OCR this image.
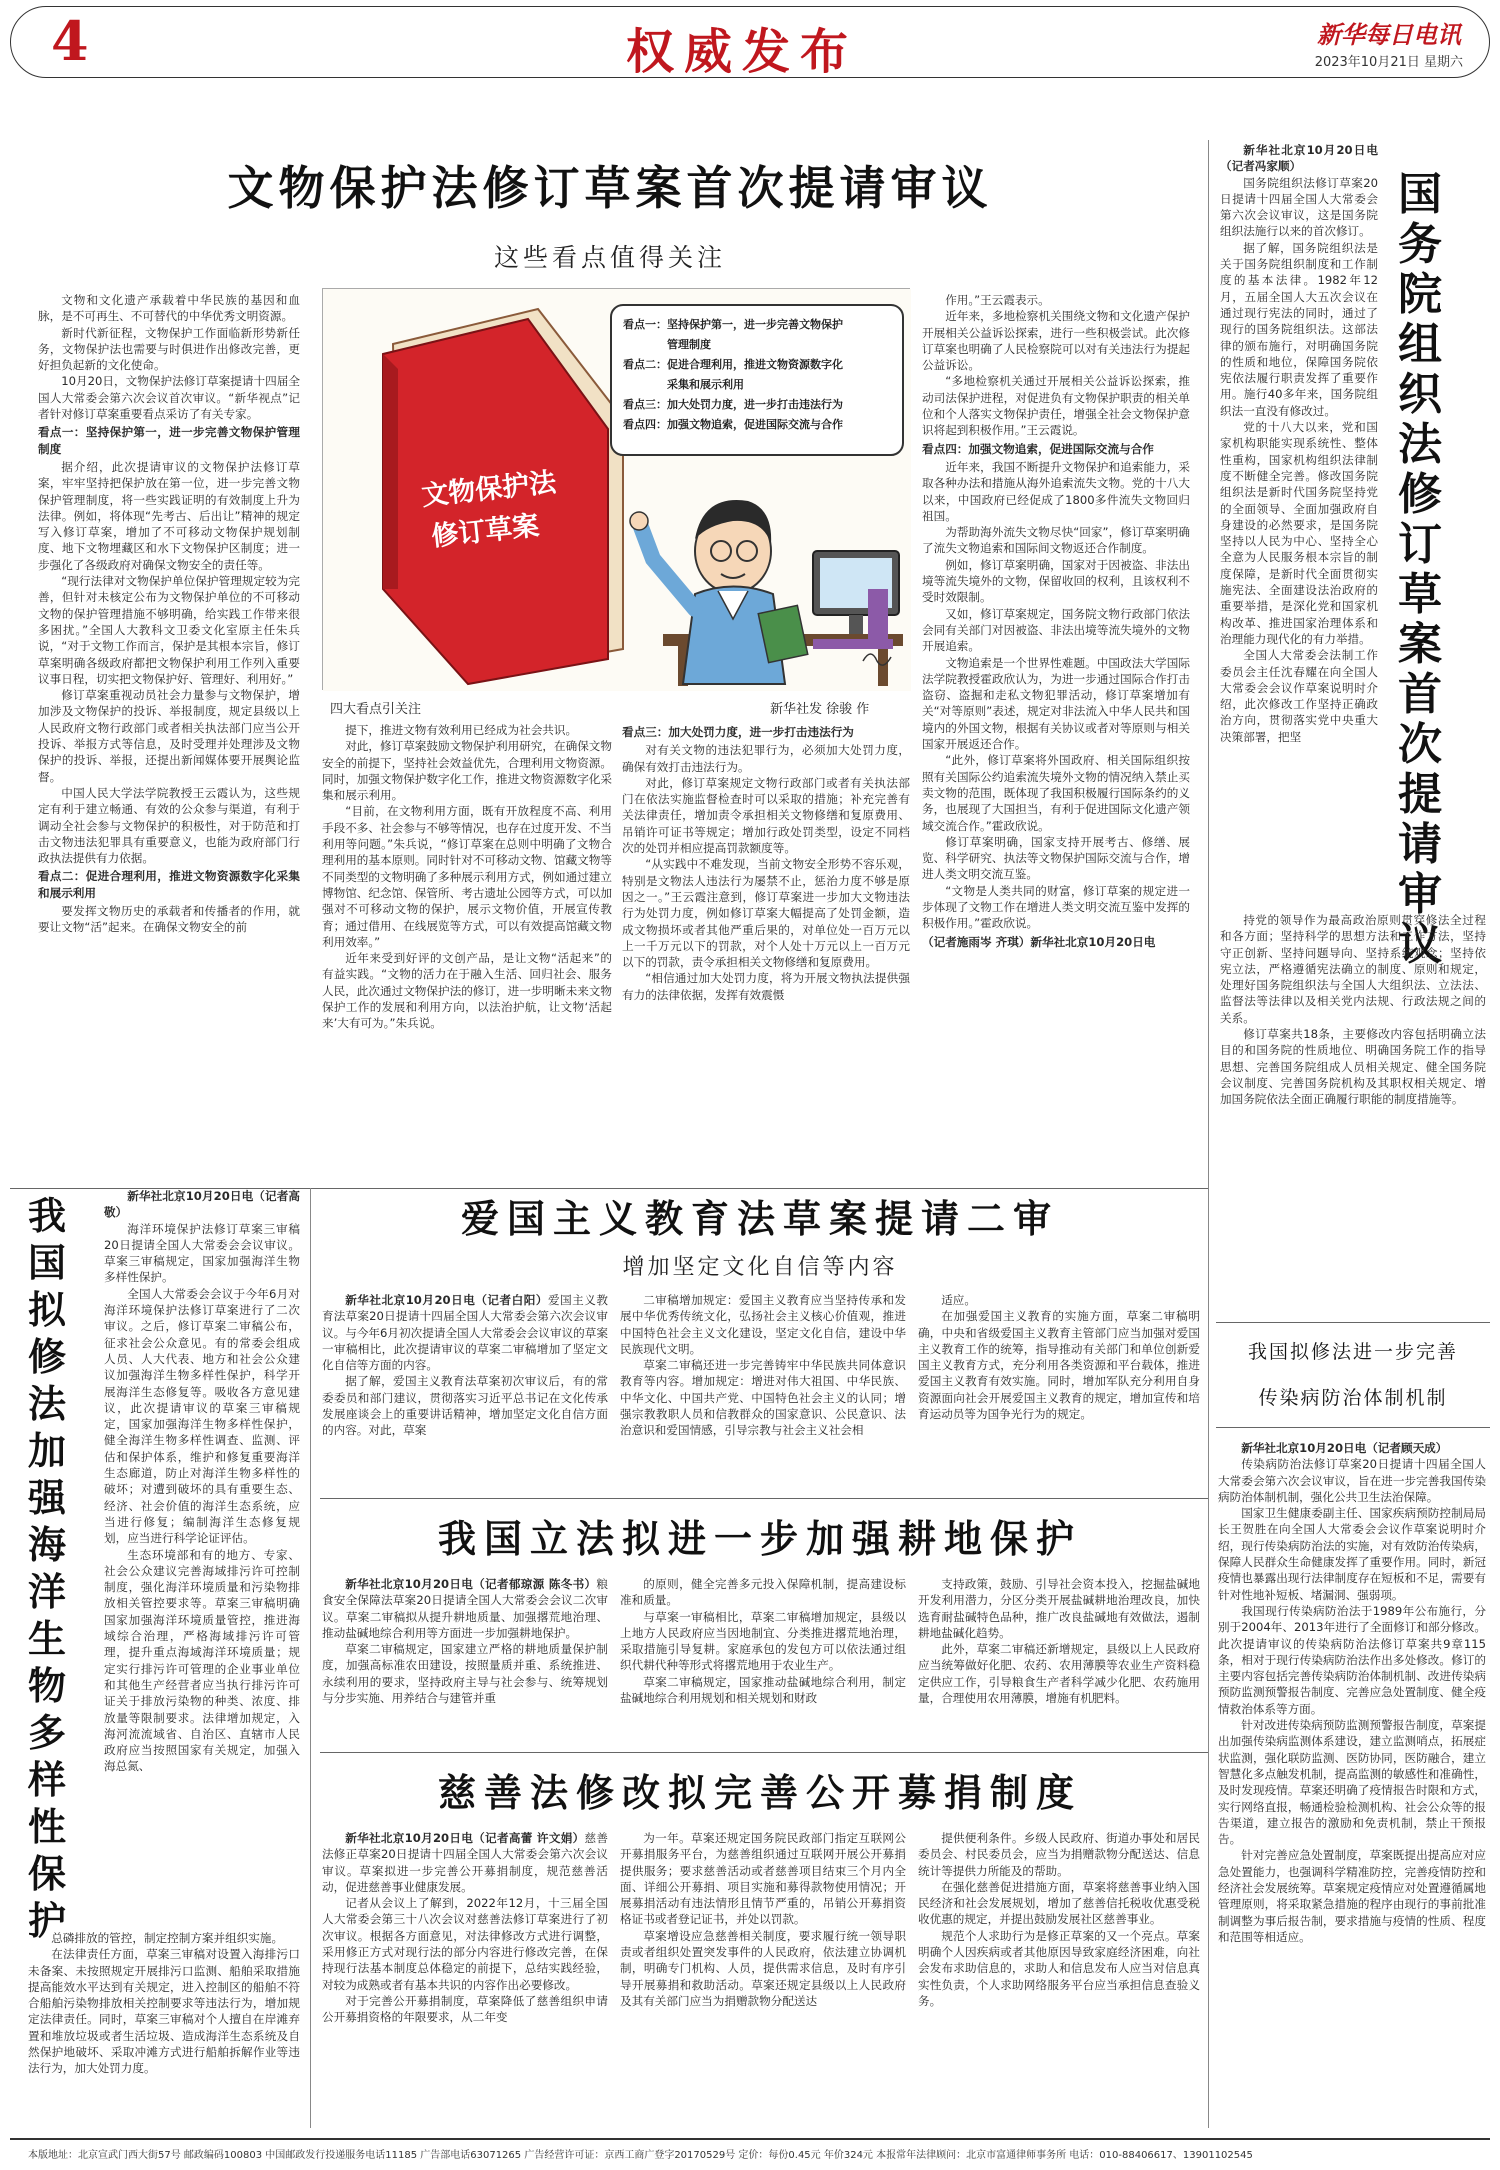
4	权威发布	新华每日电讯
2023年10月21日 星期六
文物保护法修订草案首次提请审议
这些看点值得关注

文物和文化遗产承载着中华民族的基因和血脉，是不可再生、不可替代的中华优秀文明资源。

新时代新征程，文物保护工作面临新形势新任务，文物保护法也需要与时俱进作出修改完善，更好担负起新的文化使命。

10月20日，文物保护法修订草案提请十四届全国人大常委会第六次会议首次审议。“新华视点”记者针对修订草案重要看点采访了有关专家。

看点一：坚持保护第一，进一步完善文物保护管理制度

据介绍，此次提请审议的文物保护法修订草案，牢牢坚持把保护放在第一位，进一步完善文物保护管理制度，将一些实践证明的有效制度上升为法律。例如，将体现“先考古、后出让”精神的规定写入修订草案，增加了不可移动文物保护规划制度、地下文物埋藏区和水下文物保护区制度；进一步强化了各级政府对确保文物安全的责任等。

“现行法律对文物保护单位保护管理规定较为完善，但针对未核定公布为文物保护单位的不可移动文物的保护管理措施不够明确，给实践工作带来很多困扰。”全国人大教科文卫委文化室原主任朱兵说，“对于文物工作而言，保护是其根本宗旨，修订草案明确各级政府都把文物保护利用工作列入重要议事日程，切实把文物保护好、管理好、利用好。”

修订草案重视动员社会力量参与文物保护，增加涉及文物保护的投诉、举报制度，规定县级以上人民政府文物行政部门或者相关执法部门应当公开投诉、举报方式等信息，及时受理并处理涉及文物保护的投诉、举报，还提出新闻媒体要开展舆论监督。

中国人民大学法学院教授王云霞认为，这些规定有利于建立畅通、有效的公众参与渠道，有利于调动全社会参与文物保护的积极性，对于防范和打击文物违法犯罪具有重要意义，也能为政府部门行政执法提供有力依据。

看点二：促进合理利用，推进文物资源数字化采集和展示利用

要发挥文物历史的承载者和传播者的作用，就要让文物“活”起来。在确保文物安全的前

文物保护法
修订草案
看点一：坚持保护第一，进一步完善文物保护
管理制度
看点二：促进合理利用，推进文物资源数字化
采集和展示利用
看点三：加大处罚力度，进一步打击违法行为
看点四：加强文物追索，促进国际交流与合作
四大看点引关注	新华社发 徐骏 作

提下，推进文物有效利用已经成为社会共识。

对此，修订草案鼓励文物保护利用研究，在确保文物安全的前提下，坚持社会效益优先，合理利用文物资源。同时，加强文物保护数字化工作，推进文物资源数字化采集和展示利用。

“目前，在文物利用方面，既有开放程度不高、利用手段不多、社会参与不够等情况，也存在过度开发、不当利用等问题。”朱兵说，“修订草案在总则中明确了文物合理利用的基本原则。同时针对不可移动文物、馆藏文物等不同类型的文物明确了多种展示利用方式，例如通过建立博物馆、纪念馆、保管所、考古遗址公园等方式，可以加强对不可移动文物的保护，展示文物价值，开展宣传教育；通过借用、在线展览等方式，可以有效提高馆藏文物利用效率。”

近年来受到好评的文创产品，是让文物“活起来”的有益实践。“文物的活力在于融入生活、回归社会、服务人民，此次通过文物保护法的修订，进一步明晰未来文物保护工作的发展和利用方向，以法治护航，让文物‘活起来’大有可为。”朱兵说。

看点三：加大处罚力度，进一步打击违法行为

对有关文物的违法犯罪行为，必须加大处罚力度，确保有效打击违法行为。

对此，修订草案规定文物行政部门或者有关执法部门在依法实施监督检查时可以采取的措施；补充完善有关法律责任，增加责令承担相关文物修缮和复原费用、吊销许可证书等规定；增加行政处罚类型，设定不同档次的处罚并相应提高罚款额度等。

“从实践中不难发现，当前文物安全形势不容乐观，特别是文物法人违法行为屡禁不止，惩治力度不够是原因之一。”王云霞注意到，修订草案进一步加大文物违法行为处罚力度，例如修订草案大幅提高了处罚金额，造成文物损坏或者其他严重后果的，对单位处一百万元以上一千万元以下的罚款，对个人处十万元以上一百万元以下的罚款，责令承担相关文物修缮和复原费用。

“相信通过加大处罚力度，将为开展文物执法提供强有力的法律依据，发挥有效震慑

作用。”王云霞表示。

近年来，多地检察机关围绕文物和文化遗产保护开展相关公益诉讼探索，进行一些积极尝试。此次修订草案也明确了人民检察院可以对有关违法行为提起公益诉讼。

“多地检察机关通过开展相关公益诉讼探索，推动司法保护进程，对促进负有文物保护职责的相关单位和个人落实文物保护责任，增强全社会文物保护意识将起到积极作用。”王云霞说。

看点四：加强文物追索，促进国际交流与合作

近年来，我国不断提升文物保护和追索能力，采取各种办法和措施从海外追索流失文物。党的十八大以来，中国政府已经促成了1800多件流失文物回归祖国。

为帮助海外流失文物尽快“回家”，修订草案明确了流失文物追索和国际间文物返还合作制度。

例如，修订草案明确，国家对于因被盗、非法出境等流失境外的文物，保留收回的权利，且该权利不受时效限制。

又如，修订草案规定，国务院文物行政部门依法会同有关部门对因被盗、非法出境等流失境外的文物开展追索。

文物追索是一个世界性难题。中国政法大学国际法学院教授霍政欣认为，为进一步通过国际合作打击盗窃、盗掘和走私文物犯罪活动，修订草案增加有关“对等原则”表述，规定对非法流入中华人民共和国境内的外国文物，根据有关协议或者对等原则与相关国家开展返还合作。

“此外，修订草案将外国政府、相关国际组织按照有关国际公约追索流失境外文物的情况纳入禁止买卖文物的范围，既体现了我国积极履行国际条约的义务，也展现了大国担当，有利于促进国际文化遗产领域交流合作。”霍政欣说。

修订草案明确，国家支持开展考古、修缮、展览、科学研究、执法等文物保护国际交流与合作，增进人类文明交流互鉴。

“文物是人类共同的财富，修订草案的规定进一步体现了文物工作在增进人类文明交流互鉴中发挥的积极作用。”霍政欣说。

（记者施雨岑 齐琪）新华社北京10月20日电

国务院组织法修订草案首次提请审议

新华社北京10月20日电（记者冯家顺）

国务院组织法修订草案20日提请十四届全国人大常委会第六次会议审议，这是国务院组织法施行以来的首次修订。

据了解，国务院组织法是关于国务院组织制度和工作制度的基本法律。1982年12月，五届全国人大五次会议在通过现行宪法的同时，通过了现行的国务院组织法。这部法律的颁布施行，对明确国务院的性质和地位，保障国务院依宪依法履行职责发挥了重要作用。施行40多年来，国务院组织法一直没有修改过。

党的十八大以来，党和国家机构职能实现系统性、整体性重构，国家机构组织法律制度不断健全完善。修改国务院组织法是新时代国务院坚持党的全面领导、全面加强政府自身建设的必然要求，是国务院坚持以人民为中心、坚持全心全意为人民服务根本宗旨的制度保障，是新时代全面贯彻实施宪法、全面建设法治政府的重要举措，是深化党和国家机构改革、推进国家治理体系和治理能力现代化的有力举措。

全国人大常委会法制工作委员会主任沈春耀在向全国人大常委会会议作草案说明时介绍，此次修改工作坚持正确政治方向，贯彻落实党中央重大决策部署，把坚

持党的领导作为最高政治原则贯穿修法全过程和各方面；坚持科学的思想方法和工作方法，坚持守正创新、坚持问题导向、坚持系统观念；坚持依宪立法，严格遵循宪法确立的制度、原则和规定，处理好国务院组织法与全国人大组织法、立法法、监督法等法律以及相关党内法规、行政法规之间的关系。

修订草案共18条，主要修改内容包括明确立法目的和国务院的性质地位、明确国务院工作的指导思想、完善国务院组成人员相关规定、健全国务院会议制度、完善国务院机构及其职权相关规定、增加国务院依法全面正确履行职能的制度措施等。

我国拟修法加强海洋生物多样性保护

新华社北京10月20日电（记者高敬）

海洋环境保护法修订草案三审稿20日提请全国人大常委会会议审议。草案三审稿规定，国家加强海洋生物多样性保护。

全国人大常委会会议于今年6月对海洋环境保护法修订草案进行了二次审议。之后，修订草案二审稿公布，征求社会公众意见。有的常委会组成人员、人大代表、地方和社会公众建议加强海洋生物多样性保护，科学开展海洋生态修复等。吸收各方意见建议，此次提请审议的草案三审稿规定，国家加强海洋生物多样性保护，健全海洋生物多样性调查、监测、评估和保护体系，维护和修复重要海洋生态廊道，防止对海洋生物多样性的破坏；对遭到破坏的具有重要生态、经济、社会价值的海洋生态系统，应当进行修复；编制海洋生态修复规划，应当进行科学论证评估。

生态环境部和有的地方、专家、社会公众建议完善海域排污许可控制制度，强化海洋环境质量和污染物排放相关管控要求等。草案三审稿明确国家加强海洋环境质量管控，推进海域综合治理，严格海域排污许可管理，提升重点海域海洋环境质量；规定实行排污许可管理的企业事业单位和其他生产经营者应当执行排污许可证关于排放污染物的种类、浓度、排放量等限制要求。法律增加规定，入海河流流域省、自治区、直辖市人民政府应当按照国家有关规定，加强入海总氮、

总磷排放的管控，制定控制方案并组织实施。

在法律责任方面，草案三审稿对设置入海排污口未备案、未按照规定开展排污口监测、船舶采取措施提高能效水平达到有关规定，进入控制区的船舶不符合船舶污染物排放相关控制要求等违法行为，增加规定法律责任。同时，草案三审稿对个人擅自在岸滩弃置和堆放垃圾或者生活垃圾、造成海洋生态系统及自然保护地破坏、采取冲滩方式进行船舶拆解作业等违法行为，加大处罚力度。

爱国主义教育法草案提请二审
增加坚定文化自信等内容

新华社北京10月20日电（记者白阳）爱国主义教育法草案20日提请十四届全国人大常委会第六次会议审议。与今年6月初次提请全国人大常委会会议审议的草案一审稿相比，此次提请审议的草案二审稿增加了坚定文化自信等方面的内容。

据了解，爱国主义教育法草案初次审议后，有的常委委员和部门建议，贯彻落实习近平总书记在文化传承发展座谈会上的重要讲话精神，增加坚定文化自信方面的内容。对此，草案

二审稿增加规定：爱国主义教育应当坚持传承和发展中华优秀传统文化，弘扬社会主义核心价值观，推进中国特色社会主义文化建设，坚定文化自信，建设中华民族现代文明。

草案二审稿还进一步完善铸牢中华民族共同体意识教育等内容。增加规定：增进对伟大祖国、中华民族、中华文化、中国共产党、中国特色社会主义的认同；增强宗教教职人员和信教群众的国家意识、公民意识、法治意识和爱国情感，引导宗教与社会主义社会相

适应。

在加强爱国主义教育的实施方面，草案二审稿明确，中央和省级爱国主义教育主管部门应当加强对爱国主义教育工作的统筹，指导推动有关部门和单位创新爱国主义教育方式，充分利用各类资源和平台载体，推进爱国主义教育有效实施。同时，增加军队充分利用自身资源面向社会开展爱国主义教育的规定，增加宣传和培育运动员等为国争光行为的规定。

我国立法拟进一步加强耕地保护

新华社北京10月20日电（记者郁琼源 陈冬书）粮食安全保障法草案20日提请全国人大常委会会议二次审议。草案二审稿拟从提升耕地质量、加强撂荒地治理、推动盐碱地综合利用等方面进一步加强耕地保护。

草案二审稿规定，国家建立严格的耕地质量保护制度，加强高标准农田建设，按照量质并重、系统推进、永续利用的要求，坚持政府主导与社会参与、统筹规划与分步实施、用养结合与建管并重

的原则，健全完善多元投入保障机制，提高建设标准和质量。

与草案一审稿相比，草案二审稿增加规定，县级以上地方人民政府应当因地制宜、分类推进撂荒地治理，采取措施引导复耕。家庭承包的发包方可以依法通过组织代耕代种等形式将撂荒地用于农业生产。

草案二审稿规定，国家推动盐碱地综合利用，制定盐碱地综合利用规划和相关规划和财政

支持政策，鼓励、引导社会资本投入，挖掘盐碱地开发利用潜力，分区分类开展盐碱耕地治理改良，加快选育耐盐碱特色品种，推广改良盐碱地有效做法，遏制耕地盐碱化趋势。

此外，草案二审稿还新增规定，县级以上人民政府应当统筹做好化肥、农药、农用薄膜等农业生产资料稳定供应工作，引导粮食生产者科学减少化肥、农药施用量，合理使用农用薄膜，增施有机肥料。

慈善法修改拟完善公开募捐制度

新华社北京10月20日电（记者高蕾 许文娟）慈善法修正草案20日提请十四届全国人大常委会第六次会议审议。草案拟进一步完善公开募捐制度，规范慈善活动，促进慈善事业健康发展。

记者从会议上了解到，2022年12月，十三届全国人大常委会第三十八次会议对慈善法修订草案进行了初次审议。根据各方面意见，对法律修改方式进行调整，采用修正方式对现行法的部分内容进行修改完善，在保持现行法基本制度总体稳定的前提下，总结实践经验，对较为成熟或者有基本共识的内容作出必要修改。

对于完善公开募捐制度，草案降低了慈善组织申请公开募捐资格的年限要求，从二年变

为一年。草案还规定国务院民政部门指定互联网公开募捐服务平台，为慈善组织通过互联网开展公开募捐提供服务；要求慈善活动或者慈善项目结束三个月内全面、详细公开募捐、项目实施和募得款物使用情况；开展募捐活动有违法情形且情节严重的，吊销公开募捐资格证书或者登记证书，并处以罚款。

草案增设应急慈善相关制度，要求履行统一领导职责或者组织处置突发事件的人民政府，依法建立协调机制，明确专门机构、人员，提供需求信息，及时有序引导开展募捐和救助活动。草案还规定县级以上人民政府及其有关部门应当为捐赠款物分配送达

提供便利条件。乡级人民政府、街道办事处和居民委员会、村民委员会，应当为捐赠款物分配送达、信息统计等提供力所能及的帮助。

在强化慈善促进措施方面，草案将慈善事业纳入国民经济和社会发展规划，增加了慈善信托税收优惠受税收优惠的规定，并提出鼓励发展社区慈善事业。

规范个人求助行为是修正草案的又一个亮点。草案明确个人因疾病或者其他原因导致家庭经济困难，向社会发布求助信息的，求助人和信息发布人应当对信息真实性负责，个人求助网络服务平台应当承担信息查验义务。

我国拟修法进一步完善
传染病防治体制机制

新华社北京10月20日电（记者顾天成）

传染病防治法修订草案20日提请十四届全国人大常委会第六次会议审议，旨在进一步完善我国传染病防治体制机制，强化公共卫生法治保障。

国家卫生健康委副主任、国家疾病预防控制局局长王贺胜在向全国人大常委会会议作草案说明时介绍，现行传染病防治法的实施，对有效防治传染病，保障人民群众生命健康发挥了重要作用。同时，新冠疫情也暴露出现行法律制度存在短板和不足，需要有针对性地补短板、堵漏洞、强弱项。

我国现行传染病防治法于1989年公布施行，分别于2004年、2013年进行了全面修订和部分修改。此次提请审议的传染病防治法修订草案共9章115条，相对于现行传染病防治法作出多处修改。修订的主要内容包括完善传染病防治体制机制、改进传染病预防监测预警报告制度、完善应急处置制度、健全疫情救治体系等方面。

针对改进传染病预防监测预警报告制度，草案提出加强传染病监测体系建设，建立监测哨点，拓展症状监测，强化联防监测、医防协同，医防融合，建立智慧化多点触发机制，提高监测的敏感性和准确性，及时发现疫情。草案还明确了疫情报告时限和方式，实行网络直报，畅通检验检测机构、社会公众等的报告渠道，建立报告的激励和免责机制，禁止干预报告。

针对完善应急处置制度，草案既提出提高应对应急处置能力，也强调科学精准防控，完善疫情防控和经济社会发展统筹。草案规定疫情应对处置遵循属地管理原则，将采取紧急措施的程序由现行的事前批准制调整为事后报告制，要求措施与疫情的性质、程度和范围等相适应。

本版地址：北京宣武门西大街57号 邮政编码100803 中国邮政发行投递服务电话11185 广告部电话63071265 广告经营许可证：京西工商广登字20170529号 定价：每份0.45元 年价324元 本报常年法律顾问：北京市富通律师事务所 电话：010-88406617、13901102545
